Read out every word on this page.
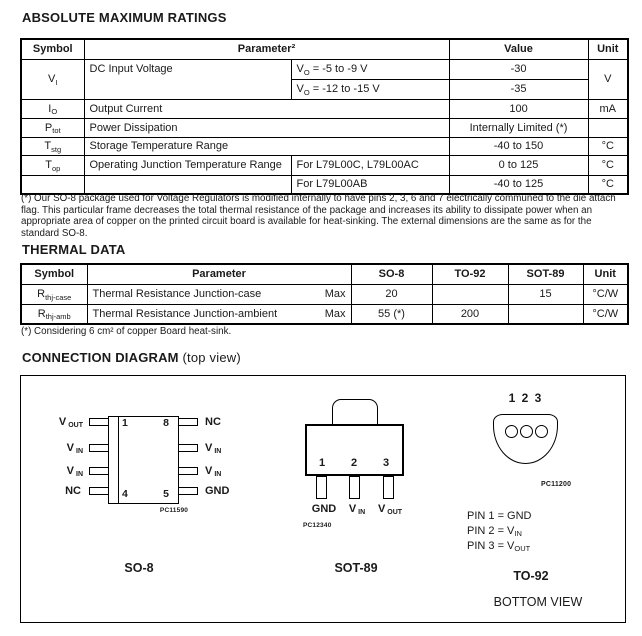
ABSOLUTE MAXIMUM RATINGS
Symbol	Parameter²		Value	Unit
$V_I$	DC Input Voltage	$V_O = -5$ to -9 V	-30	V
		$V_O = -12$ to -15 V	-35	
$I_O$	Output Current		100	mA
$P_{tot}$	Power Dissipation		Internally Limited (*)	
$T_{stg}$	Storage Temperature Range		-40 to 150	°C
$T_{op}$	Operating Junction Temperature Range	For L79L00C, L79L00AC	0 to 125	°C
		For L79L00AB	-40 to 125	°C
(*) Our SO-8 package used for Voltage Regulators is modified internally to have pins 2, 3, 6 and 7 electrically communed to the die attach flag. This particular frame decreases the total thermal resistance of the package and increases its ability to dissipate power when an appropriate area of copper on the printed circuit board is available for heat-sinking. The external dimensions are the same as for the standard SO-8.
THERMAL DATA
Symbol	Parameter	SO-8	TO-92	SOT-89	Unit
$R_{thj-case}$	Thermal Resistance Junction-case Max	20		15	°C/W
$R_{thj-amb}$	Thermal Resistance Junction-ambient Max	55 (*)	200		°C/W
(*) Considering 6 cm² of copper Board heat-sink.
CONNECTION DIAGRAM (top view)
VOUT
VIN
VIN
NC
NC
VIN
VIN
GND
1	8
4	5
PC11590
SO-8
1 2 3
GND	VIN	VOUT
PC12340
SOT-89
1 2 3
PC11200
PIN 1 = GND
PIN 2 = VIN
PIN 3 = VOUT
TO-92
BOTTOM VIEW
